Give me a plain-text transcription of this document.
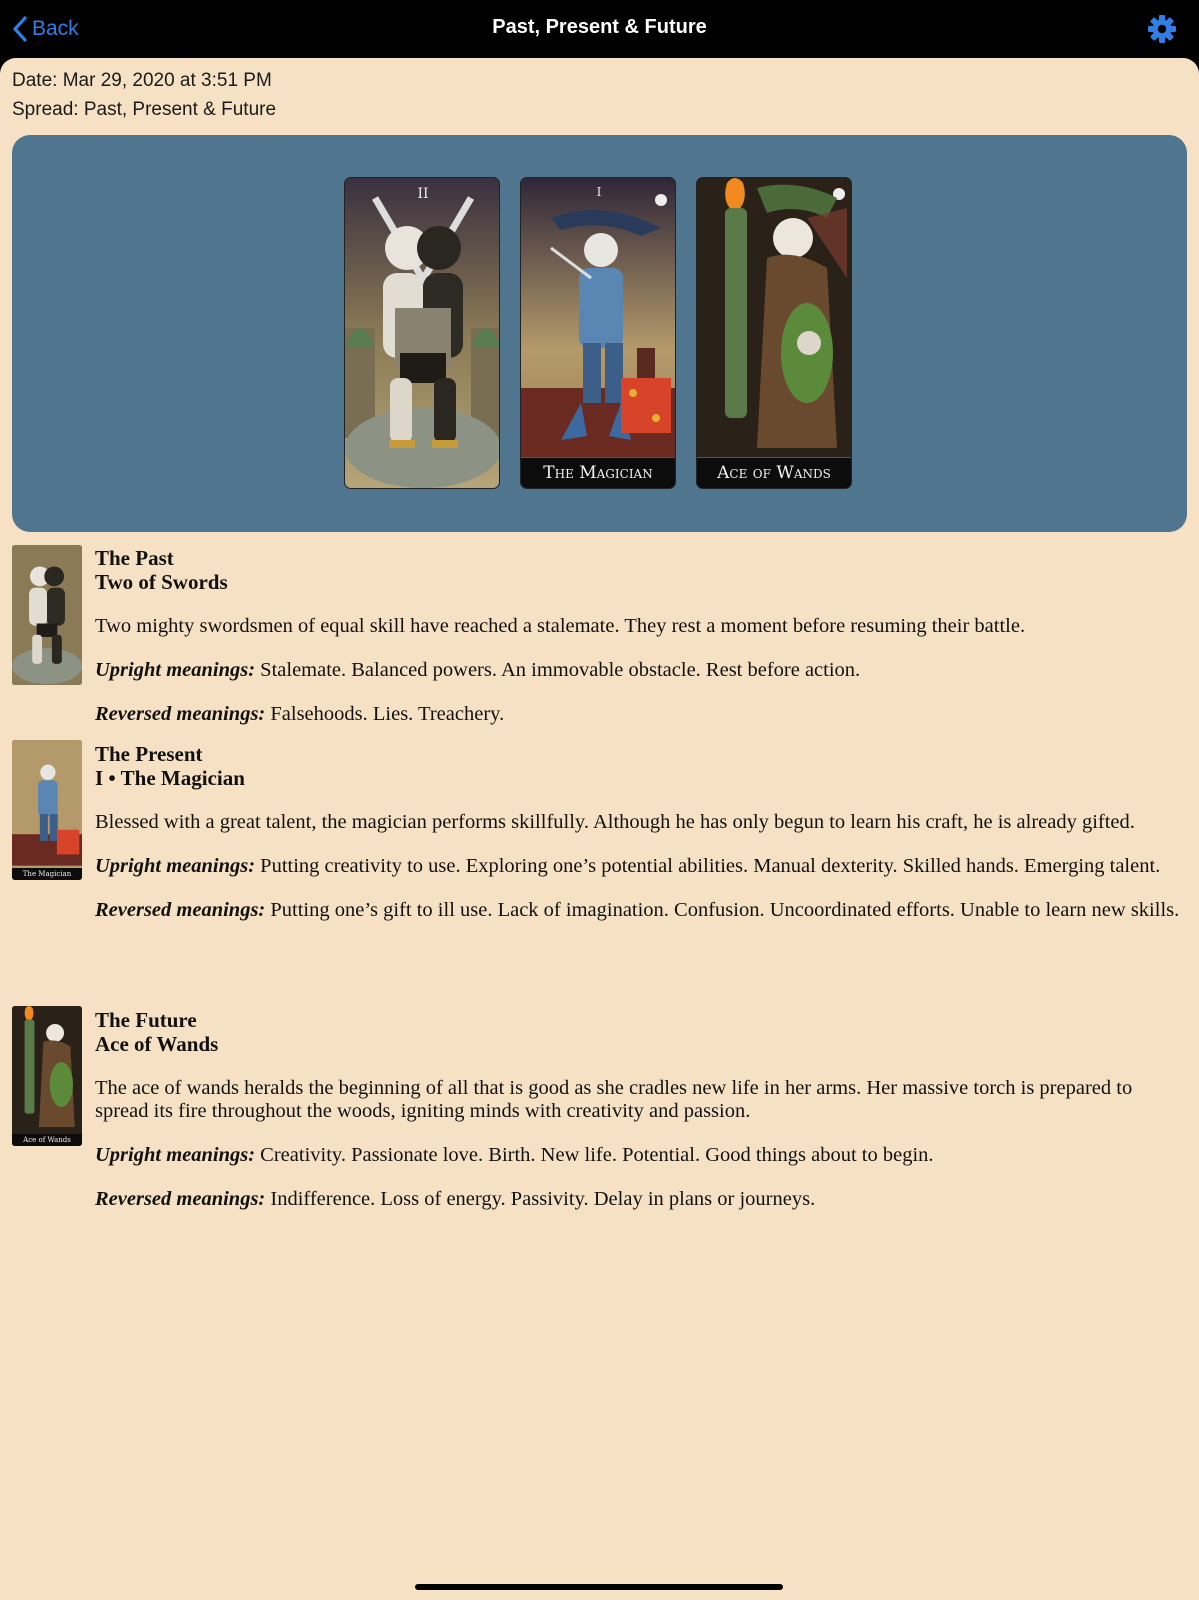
Back	Past, Present & Future
Date: Mar 29, 2020 at 3:51 PM
Spread: Past, Present & Future
II	I
The Magician	Ace of Wands

The Past

Two of Swords

Two mighty swordsmen of equal skill have reached a stalemate. They rest a moment before resuming their battle.

Upright meanings: Stalemate. Balanced powers. An immovable obstacle. Rest before action.

Reversed meanings: Falsehoods. Lies. Treachery.

The Magician

The Present

I • The Magician

Blessed with a great talent, the magician performs skillfully. Although he has only begun to learn his craft, he is already gifted.

Upright meanings: Putting creativity to use. Exploring one’s potential abilities. Manual dexterity. Skilled hands. Emerging talent.

Reversed meanings: Putting one’s gift to ill use. Lack of imagination. Confusion. Uncoordinated efforts. Unable to learn new skills.

Ace of Wands

The Future

Ace of Wands

The ace of wands heralds the beginning of all that is good as she cradles new life in her arms. Her massive torch is prepared to spread its fire throughout the woods, igniting minds with creativity and passion.

Upright meanings: Creativity. Passionate love. Birth. New life. Potential. Good things about to begin.

Reversed meanings: Indifference. Loss of energy. Passivity. Delay in plans or journeys.
